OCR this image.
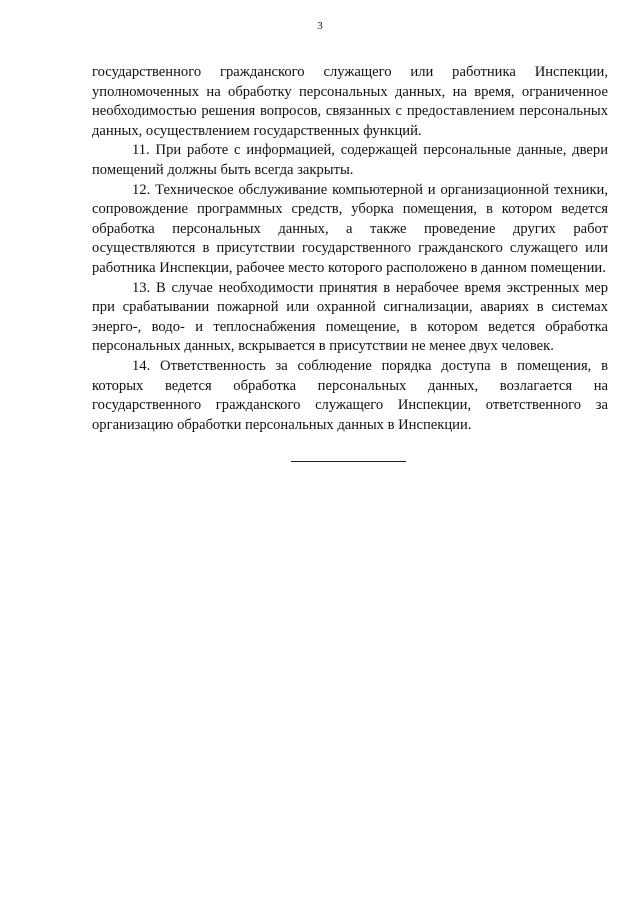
3

государственного гражданского служащего или работника Инспекции, уполномоченных на обработку персональных данных, на время, ограниченное необходимостью решения вопросов, связанных с предоставлением персональных данных, осуществлением государственных функций.

11. При работе с информацией, содержащей персональные данные, двери помещений должны быть всегда закрыты.

12. Техническое обслуживание компьютерной и организационной техники, сопровождение программных средств, уборка помещения, в котором ведется обработка персональных данных, а также проведение других работ осуществляются в присутствии государственного гражданского служащего или работника Инспекции, рабочее место которого расположено в данном помещении.

13. В случае необходимости принятия в нерабочее время экстренных мер при срабатывании пожарной или охранной сигнализации, авариях в системах энерго-, водо- и теплоснабжения помещение, в котором ведется обработка персональных данных, вскрывается в присутствии не менее двух человек.

14. Ответственность за соблюдение порядка доступа в помещения, в которых ведется обработка персональных данных, возлагается на государственного гражданского служащего Инспекции, ответственного за организацию обработки персональных данных в Инспекции.
